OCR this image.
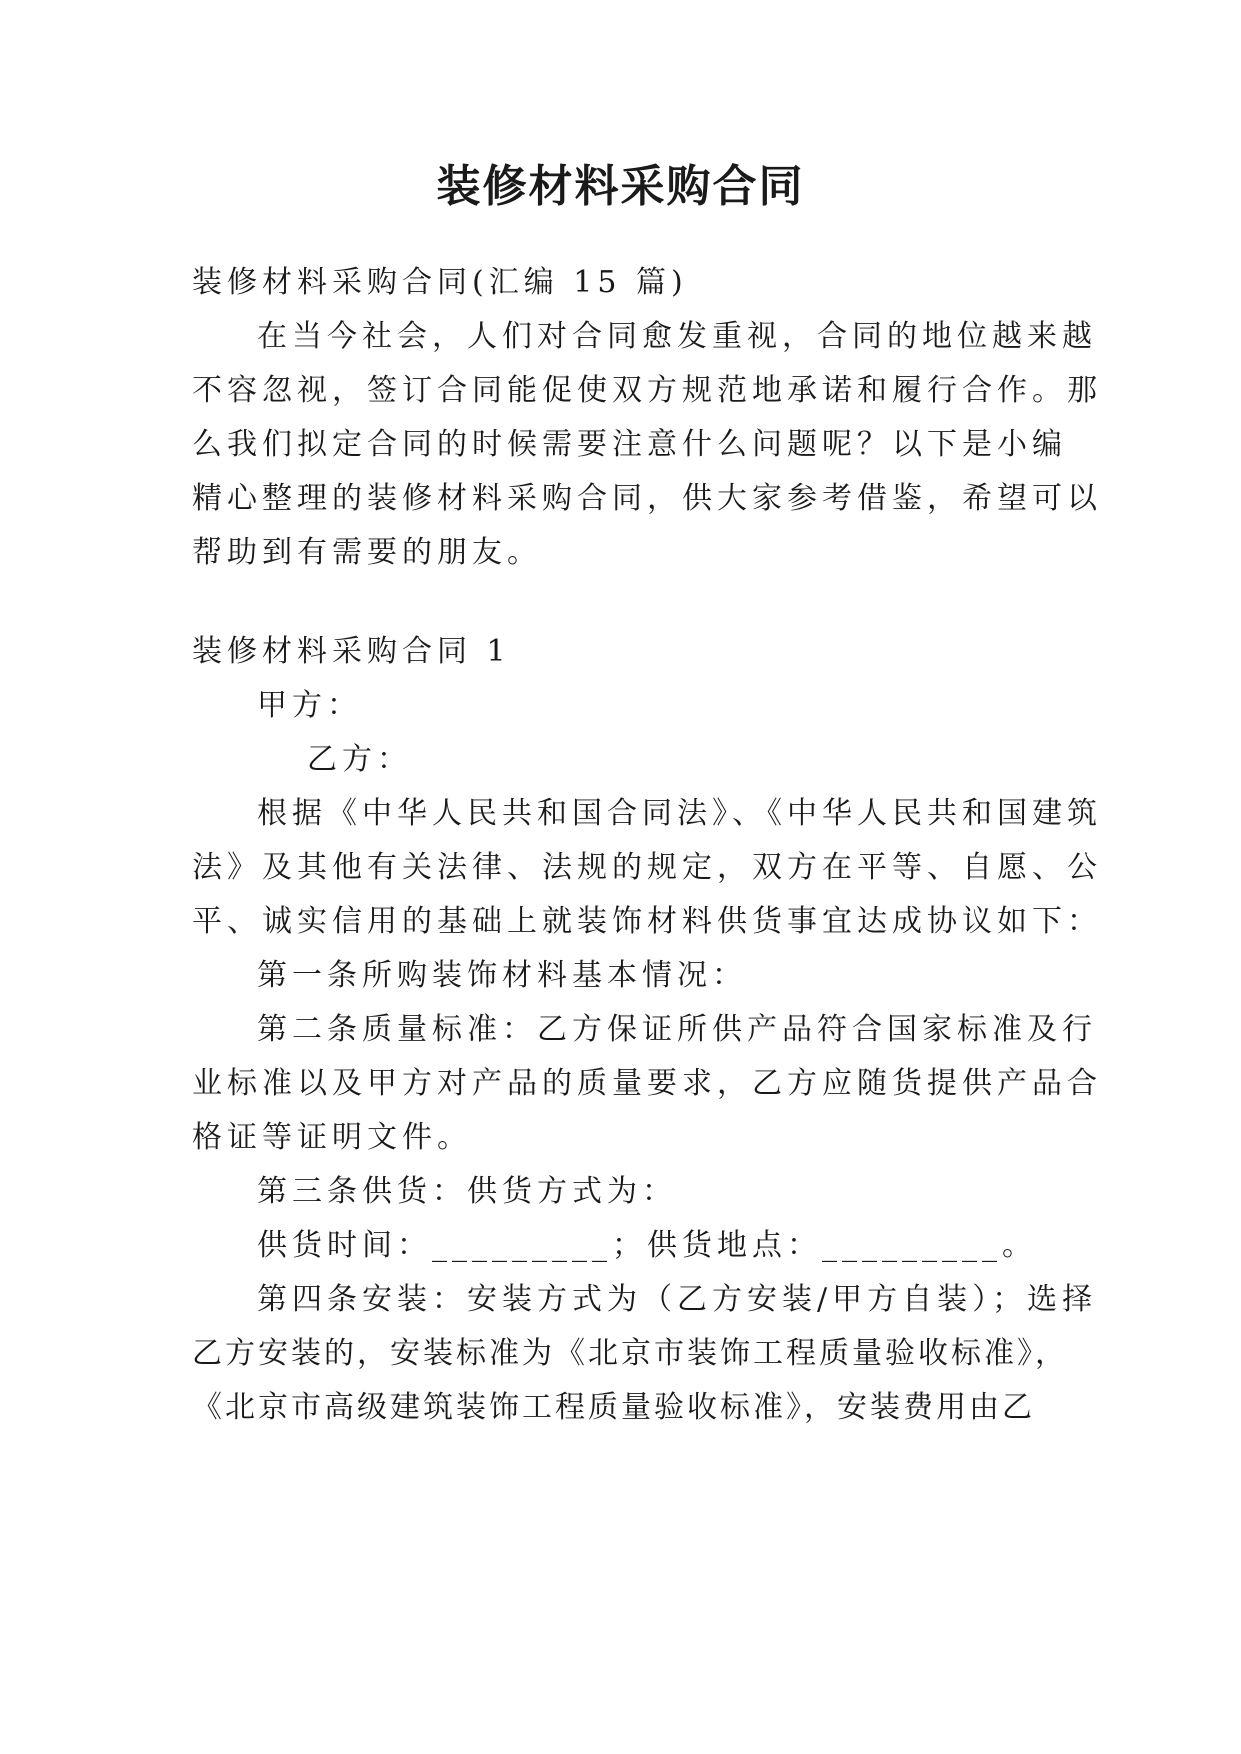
装修材料采购合同
装修材料采购合同(汇编 15 篇)
在当今社会，人们对合同愈发重视，合同的地位越来越
不容忽视，签订合同能促使双方规范地承诺和履行合作。那
么我们拟定合同的时候需要注意什么问题呢？以下是小编
精心整理的装修材料采购合同，供大家参考借鉴，希望可以
帮助到有需要的朋友。
装修材料采购合同 1
甲方：
乙方：
根据《中华人民共和国合同法》、《中华人民共和国建筑
法》及其他有关法律、法规的规定，双方在平等、自愿、公
平、诚实信用的基础上就装饰材料供货事宜达成协议如下：
第一条所购装饰材料基本情况：
第二条质量标准：乙方保证所供产品符合国家标准及行
业标准以及甲方对产品的质量要求，乙方应随货提供产品合
格证等证明文件。
第三条供货：供货方式为：
供货时间：_________；供货地点：_________。
第四条安装：安装方式为（乙方安装/甲方自装）；选择
乙方安装的，安装标准为《北京市装饰工程质量验收标准》，
《北京市高级建筑装饰工程质量验收标准》，安装费用由乙
